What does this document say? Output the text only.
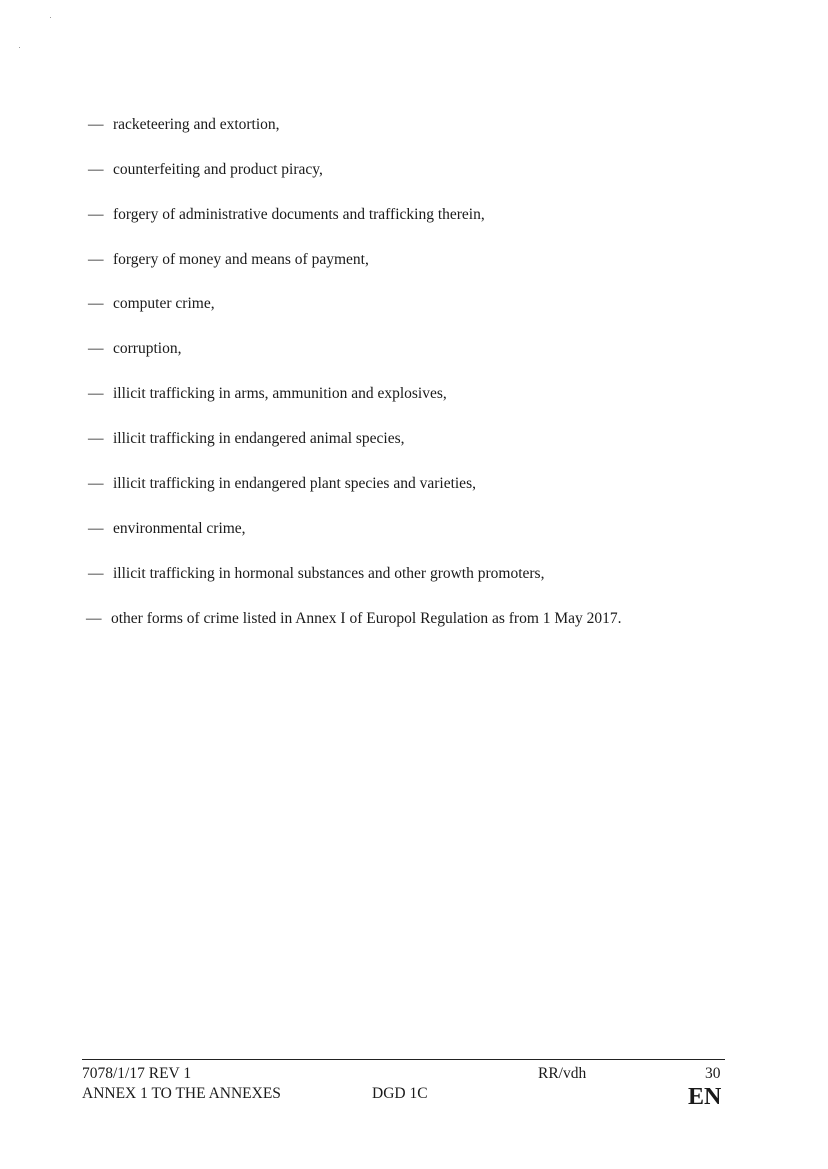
— racketeering and extortion,
— counterfeiting and product piracy,
— forgery of administrative documents and trafficking therein,
— forgery of money and means of payment,
— computer crime,
— corruption,
— illicit trafficking in arms, ammunition and explosives,
— illicit trafficking in endangered animal species,
— illicit trafficking in endangered plant species and varieties,
— environmental crime,
— illicit trafficking in hormonal substances and other growth promoters,
— other forms of crime listed in Annex I of Europol Regulation as from 1 May 2017.
7078/1/17 REV 1
ANNEX 1 TO THE ANNEXES	DGD 1C
RR/vdh	30
EN
